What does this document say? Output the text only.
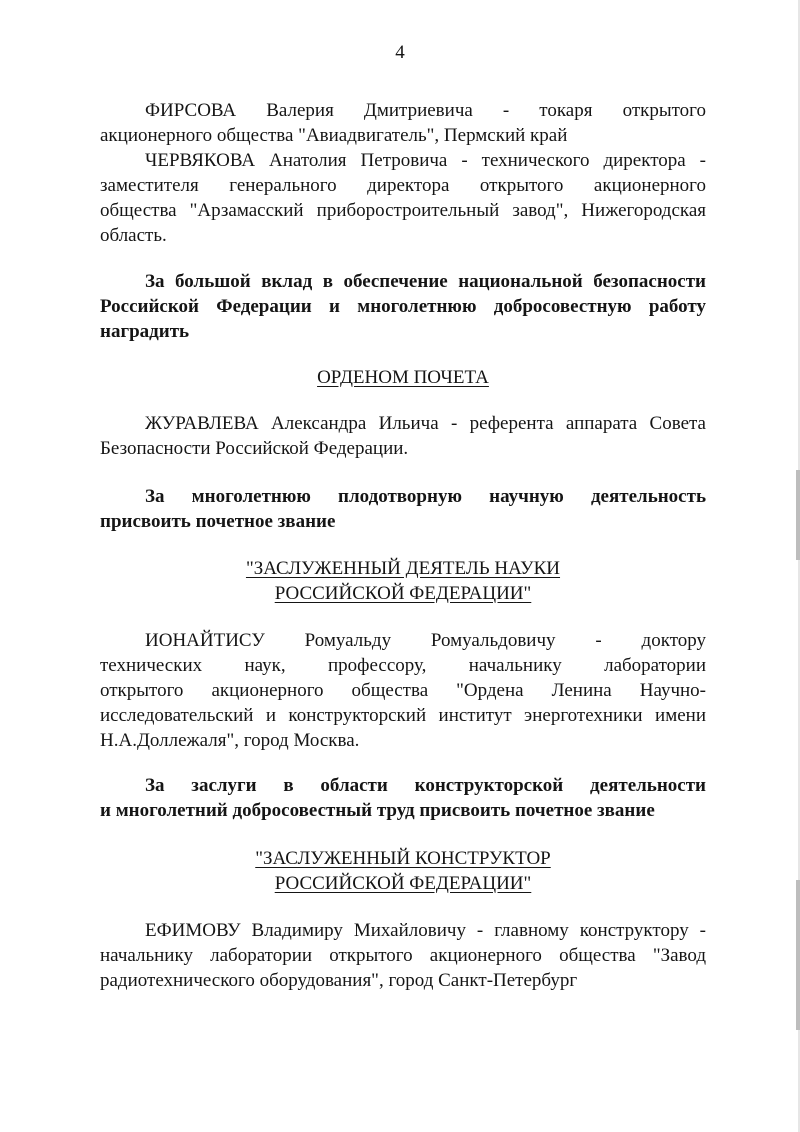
4
ФИРСОВА Валерия Дмитриевича - токаря открытого
акционерного общества "Авиадвигатель", Пермский край
ЧЕРВЯКОВА Анатолия Петровича - технического директора -
заместителя генерального директора открытого акционерного
общества "Арзамасский приборостроительный завод", Нижегородская
область.
За большой вклад в обеспечение национальной безопасности
Российской Федерации и многолетнюю добросовестную работу
наградить
ОРДЕНОМ ПОЧЕТА
ЖУРАВЛЕВА Александра Ильича - референта аппарата Совета
Безопасности Российской Федерации.
За многолетнюю плодотворную научную деятельность
присвоить почетное звание
"ЗАСЛУЖЕННЫЙ ДЕЯТЕЛЬ НАУКИ
РОССИЙСКОЙ ФЕДЕРАЦИИ"
ИОНАЙТИСУ Ромуальду Ромуальдовичу - доктору
технических наук, профессору, начальнику лаборатории
открытого акционерного общества "Ордена Ленина Научно-
исследовательский и конструкторский институт энерготехники имени
Н.А.Доллежаля", город Москва.
За заслуги в области конструкторской деятельности
и многолетний добросовестный труд присвоить почетное звание
"ЗАСЛУЖЕННЫЙ КОНСТРУКТОР
РОССИЙСКОЙ ФЕДЕРАЦИИ"
ЕФИМОВУ Владимиру Михайловичу - главному конструктору -
начальнику лаборатории открытого акционерного общества "Завод
радиотехнического оборудования", город Санкт-Петербург
